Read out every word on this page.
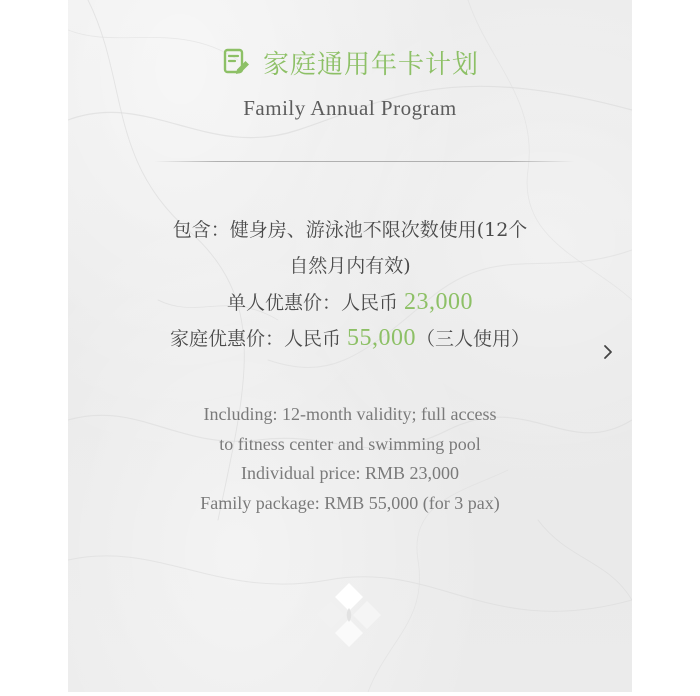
家庭通用年卡计划
Family Annual Program
包含：健身房、游泳池不限次数使用(12个
自然月内有效)
单人优惠价：人民币 23,000
家庭优惠价：人民币 55,000（三人使用）
Including: 12-month validity; full access
to fitness center and swimming pool
Individual price: RMB 23,000
Family package: RMB 55,000 (for 3 pax)
